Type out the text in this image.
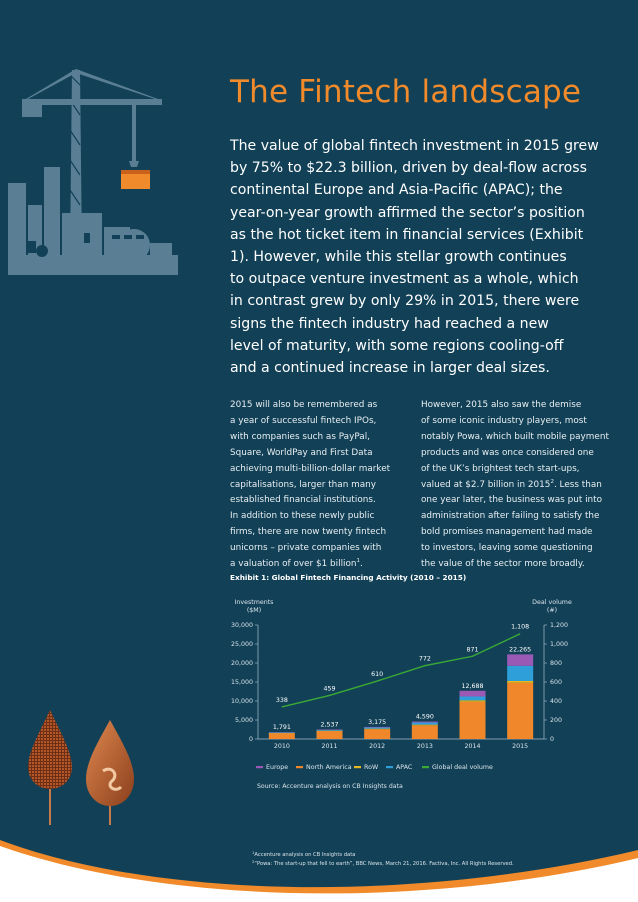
The Fintech landscape

The value of global fintech investment in 2015 grew

by 75% to $22.3 billion, driven by deal-flow across

continental Europe and Asia-Pacific (APAC); the

year-on-year growth affirmed the sector’s position

as the hot ticket item in financial services (Exhibit

1). However, while this stellar growth continues

to outpace venture investment as a whole, which

in contrast grew by only 29% in 2015, there were

signs the fintech industry had reached a new

level of maturity, with some regions cooling-off

and a continued increase in larger deal sizes.

2015 will also be remembered as

a year of successful fintech IPOs,

with companies such as PayPal,

Square, WorldPay and First Data

achieving multi-billion-dollar market

capitalisations, larger than many

established financial institutions.

In addition to these newly public

firms, there are now twenty fintech

unicorns – private companies with

a valuation of over $1 billion$^1$.

However, 2015 also saw the demise

of some iconic industry players, most

notably Powa, which built mobile payment

products and was once considered one

of the UK’s brightest tech start-ups,

valued at $2.7 billion in 2015$^2$. Less than

one year later, the business was put into

administration after failing to satisfy the

bold promises management had made

to investors, leaving some questioning

the value of the sector more broadly.

Exhibit 1: Global Fintech Financing Activity (2010 – 2015)
Investments
($M)
Deal volume
(#)
0
5,000
10,000
15,000
20,000
25,000
30,000
0
200
400
600
800
1,000
1,200
1,791
2010
2,537
2011
3,175
2012
4,590
2013
12,688
2014
22,265
2015
338
459
610
772
871
1,108
Europe	North America RoW	APAC	Global deal volume
Source: Accenture analysis on CB Insights data

$^1$Accenture analysis on CB Insights data

$^2$“Powa: The start-up that fell to earth”, BBC News, March 21, 2016. Factiva, Inc. All Rights Reserved.

3
